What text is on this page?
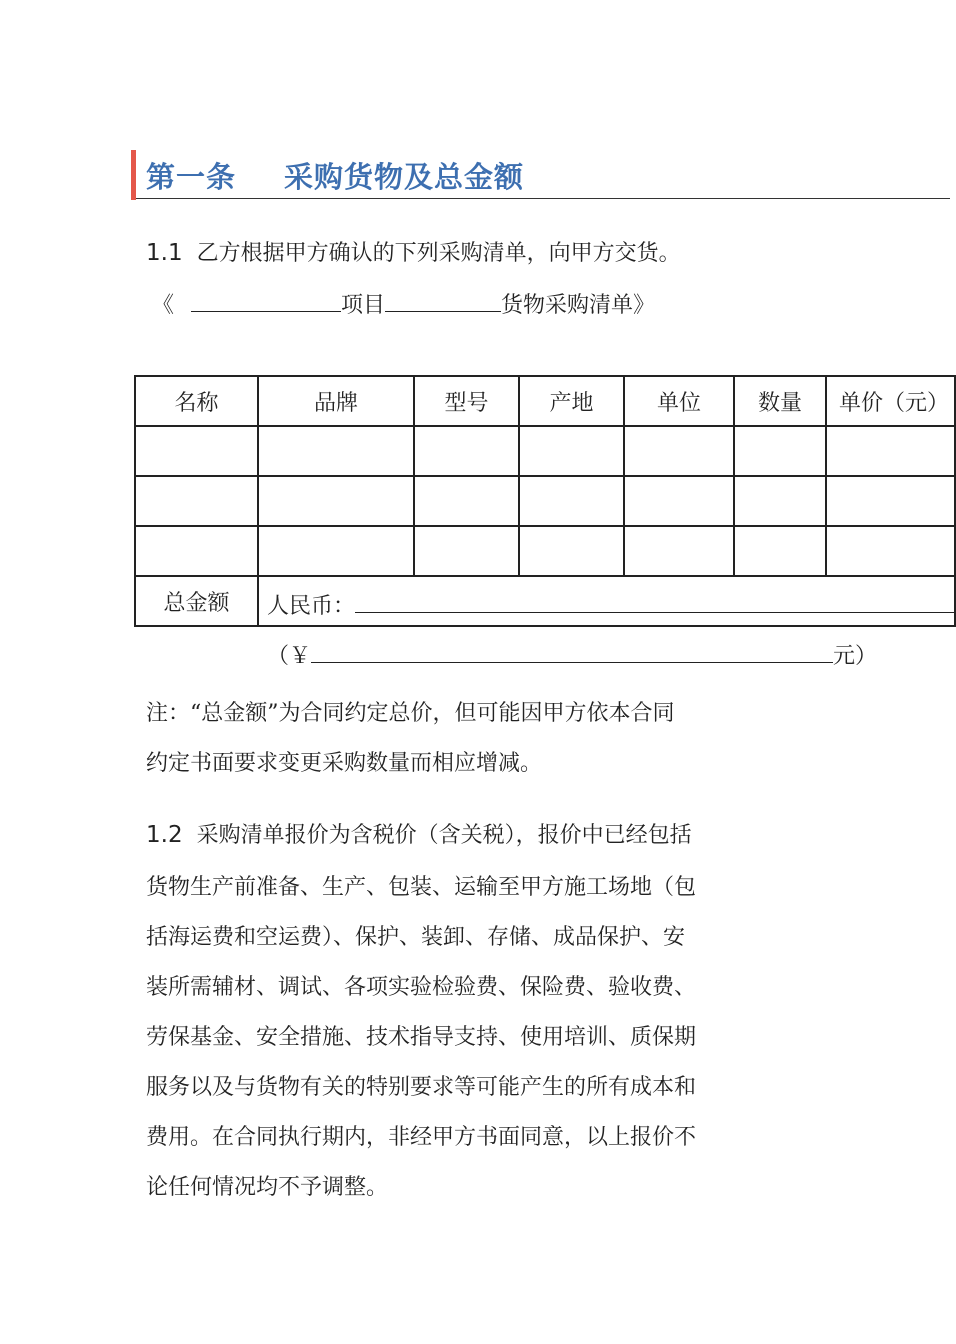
第一条 采购货物及总金额
1.1 乙方根据甲方确认的下列采购清单，向甲方交货。
《	项目	货物采购清单》
名称	品牌	型号	产地	单位	数量	单价（元）

总金额	人民币：
（￥ 元）					
注：“总金额”为合同约定总价，但可能因甲方依本合同
约定书面要求变更采购数量而相应增减。
1.2 采购清单报价为含税价（含关税），报价中已经包括
货物生产前准备、生产、包装、运输至甲方施工场地（包
括海运费和空运费）、保护、装卸、存储、成品保护、安
装所需辅材、调试、各项实验检验费、保险费、验收费、
劳保基金、安全措施、技术指导支持、使用培训、质保期
服务以及与货物有关的特别要求等可能产生的所有成本和
费用。在合同执行期内，非经甲方书面同意，以上报价不
论任何情况均不予调整。
